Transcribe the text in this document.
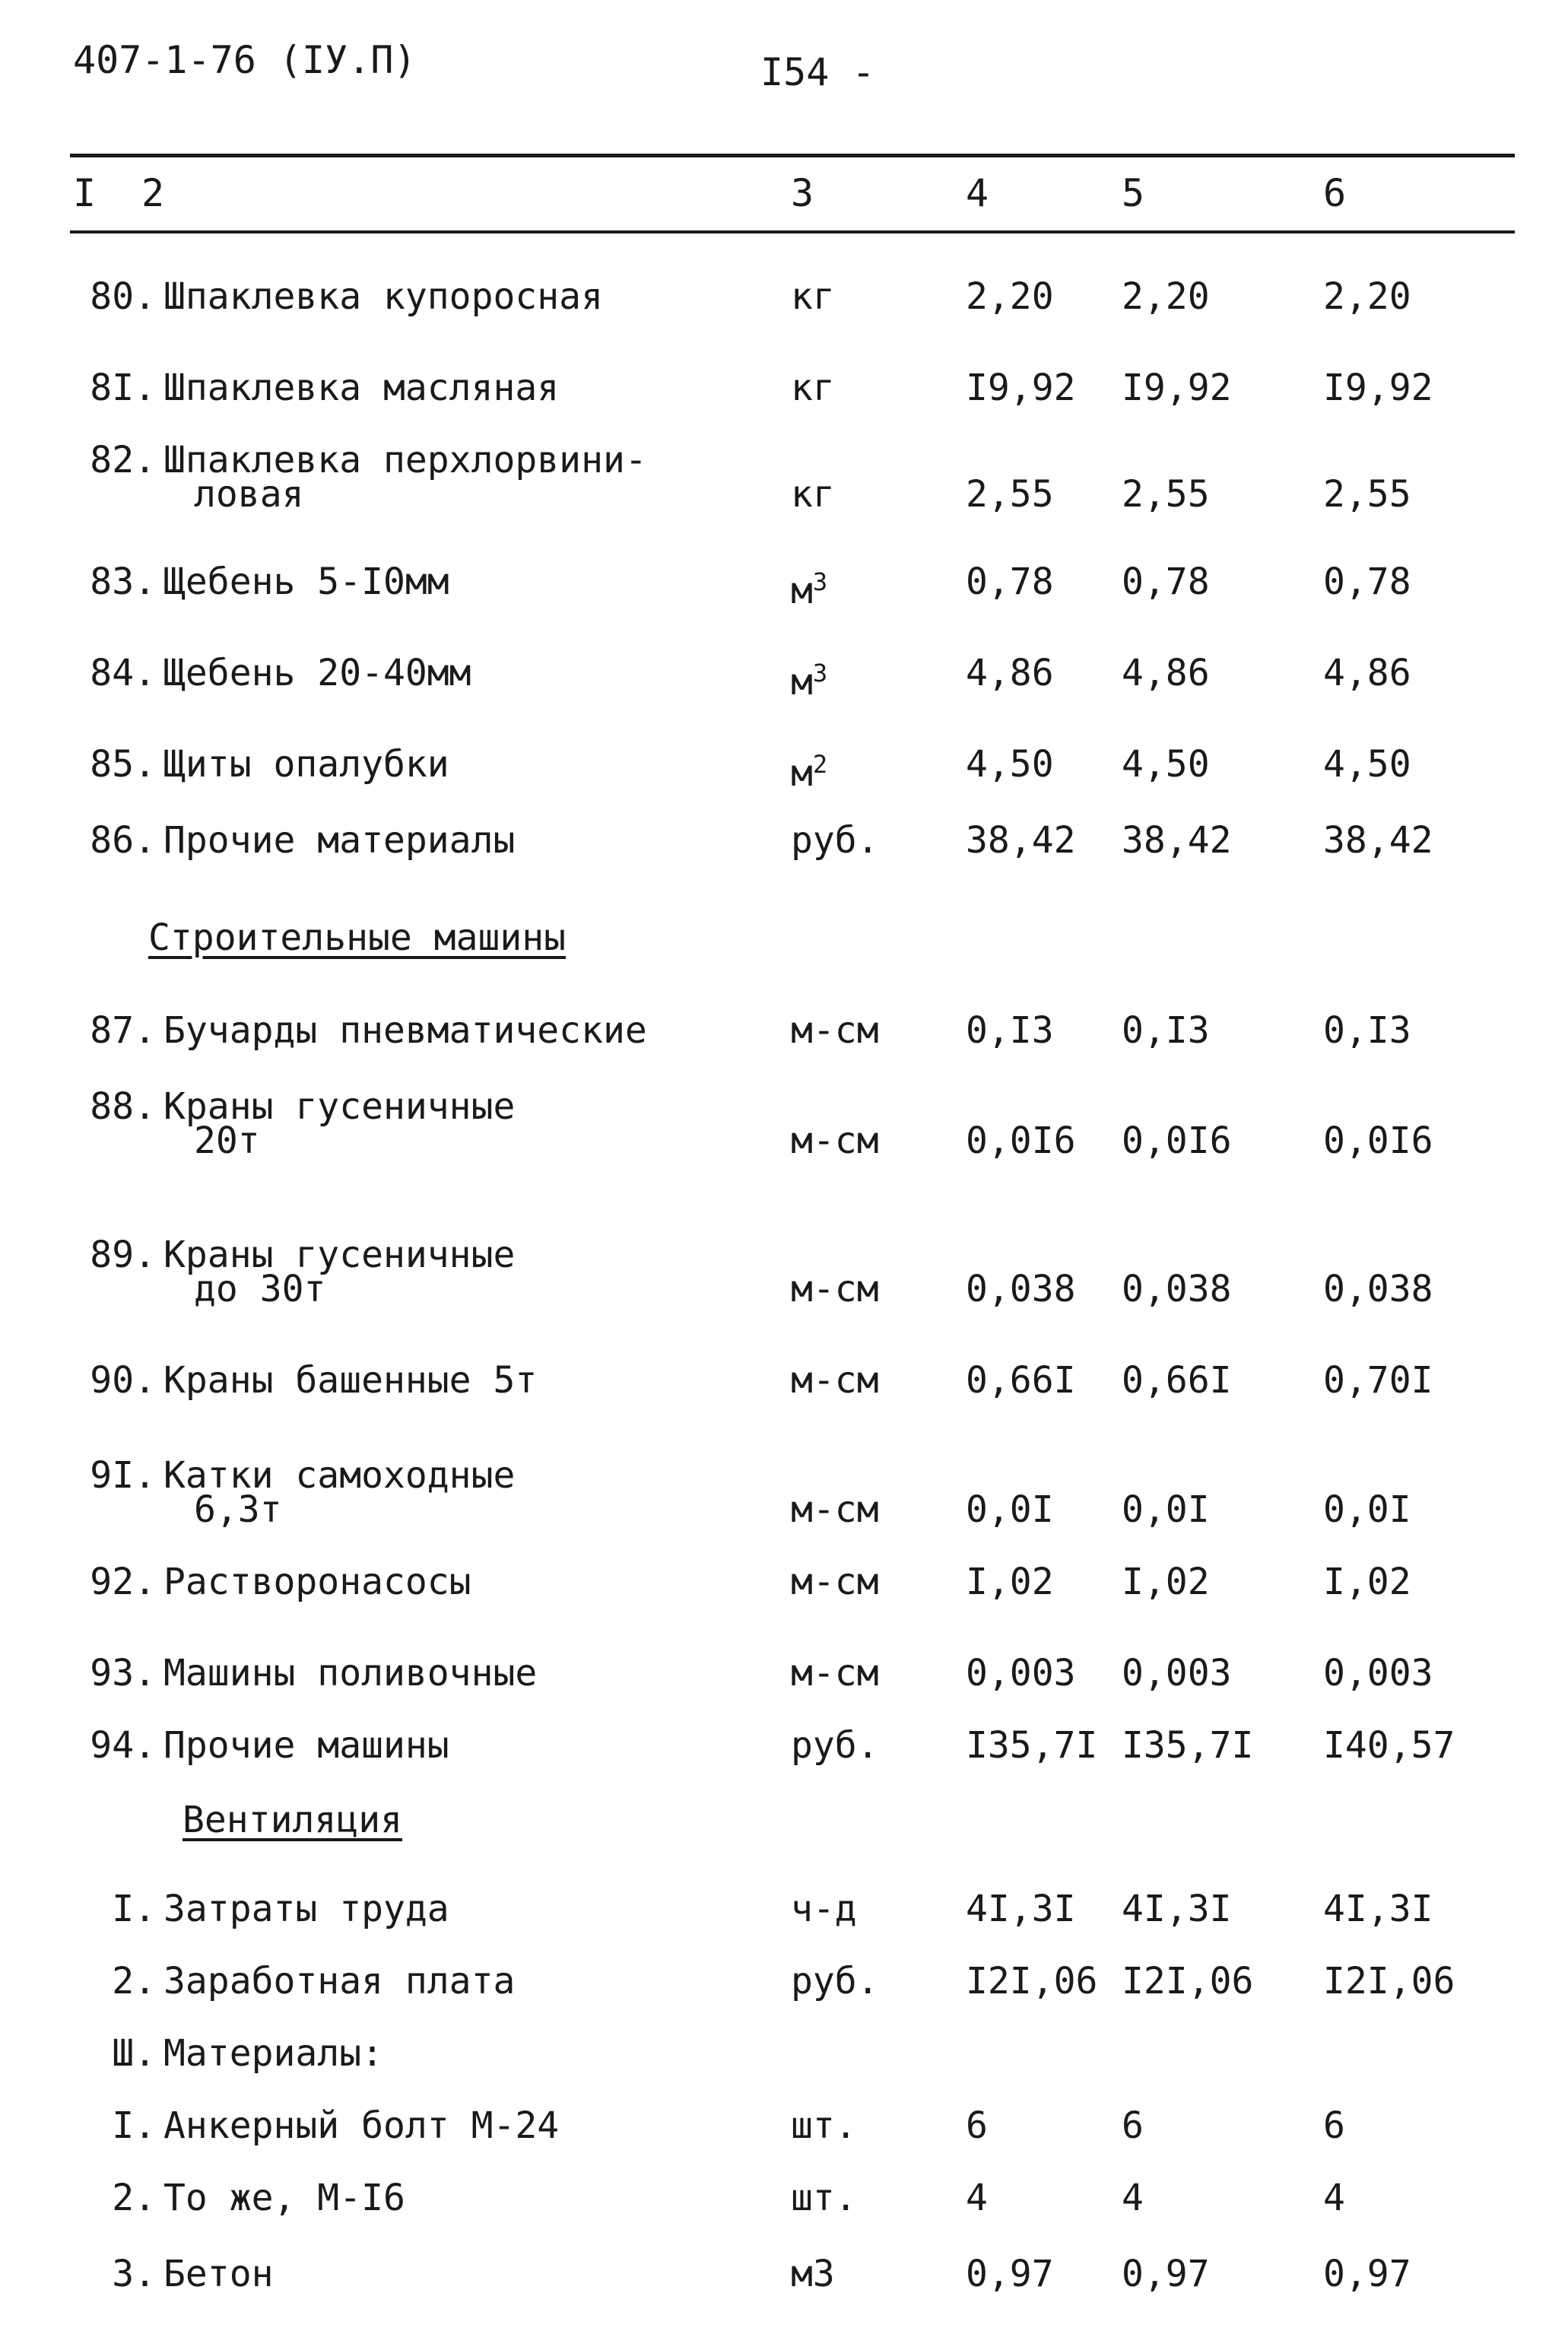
407-1-76 (IУ.П)	I54 -
I 2	3	4	5	6
80. Шпаклевка купоросная	кг	2,20 2,20	2,20
8I. Шпаклевка масляная	кг	I9,92 I9,92	I9,92
82. Шпаклевка перхлорвини-
ловая	кг	2,55 2,55	2,55
83. Щебень 5-I0мм	$м^3$	0,78 0,78	0,78
84. Щебень 20-40мм	$м^3$	4,86 4,86	4,86
85. Щиты опалубки	$м^2$	4,50 4,50	4,50
86. Прочие материалы	руб. 38,42 38,42	38,42
Строительные машины
87. Бучарды пневматические	м-см 0,I3 0,I3	0,I3
88. Краны гусеничные
20т	м-см 0,0I6 0,0I6	0,0I6
89. Краны гусеничные
до 30т	м-см 0,038 0,038	0,038
90. Краны башенные 5т	м-см 0,66I 0,66I	0,70I
9I. Катки самоходные
6,3т	м-см 0,0I 0,0I	0,0I
92. Растворонасосы	м-см I,02 I,02	I,02
93. Машины поливочные	м-см 0,003 0,003	0,003
94. Прочие машины	руб. I35,7I I35,7I I40,57
Вентиляция
I. Затраты труда	ч-д	4I,3I 4I,3I	4I,3I
2. Заработная плата	руб. I2I,06 I2I,06 I2I,06
Ш. Материалы:
I. Анкерный болт М-24	шт.	6	6	6
2. То же, М-I6	шт.	4	4	4
3. Бетон	м3	0,97 0,97	0,97
